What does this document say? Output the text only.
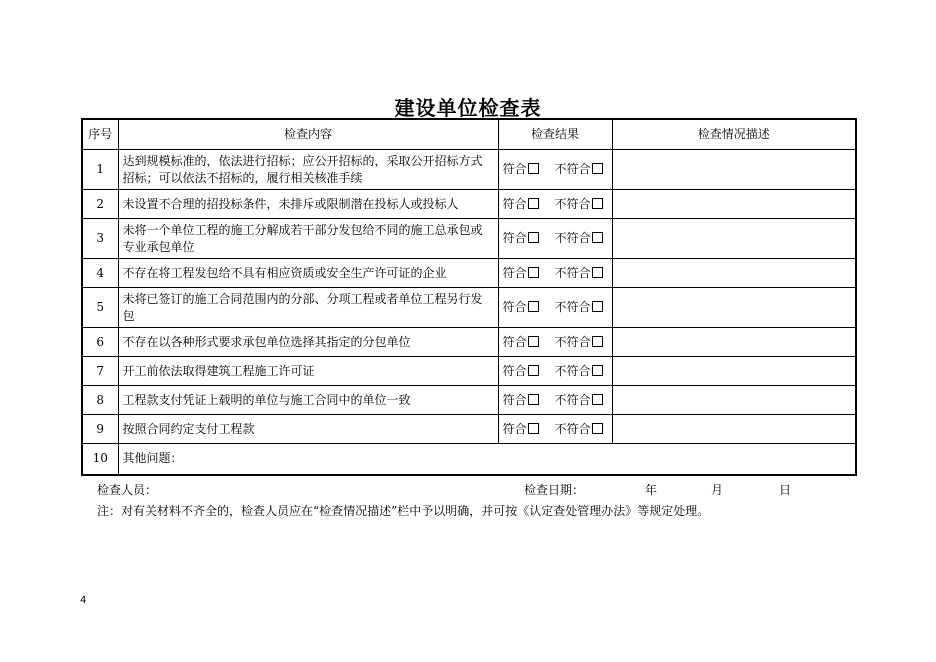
建设单位检查表
序号	检查内容	检查结果	检查情况描述
1	达到规模标准的，依法进行招标；应公开招标的，采取公开招标方式招标；可以依法不招标的，履行相关核准手续	符合 不符合	
2	未设置不合理的招投标条件，未排斥或限制潜在投标人或投标人	符合 不符合	
3	未将一个单位工程的施工分解成若干部分发包给不同的施工总承包或专业承包单位	符合 不符合	
4	不存在将工程发包给不具有相应资质或安全生产许可证的企业	符合 不符合	
5	未将已签订的施工合同范围内的分部、分项工程或者单位工程另行发包	符合 不符合	
6	不存在以各种形式要求承包单位选择其指定的分包单位	符合 不符合	
7	开工前依法取得建筑工程施工许可证	符合 不符合	
8	工程款支付凭证上载明的单位与施工合同中的单位一致	符合 不符合	
9	按照合同约定支付工程款	符合 不符合	
10	其他问题：		
检查人员：	检查日期：	年	月	日
注：对有关材料不齐全的，检查人员应在“检查情况描述”栏中予以明确，并可按《认定查处管理办法》等规定处理。
4
